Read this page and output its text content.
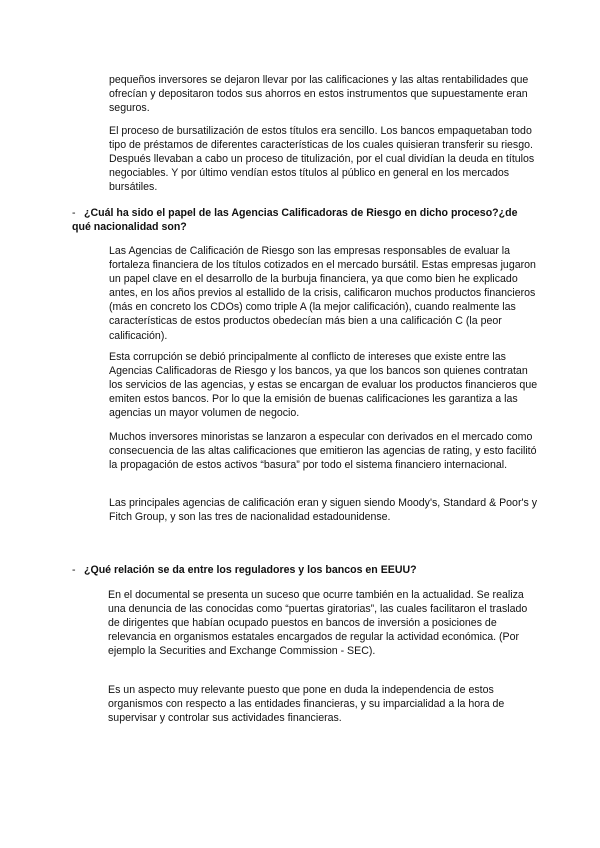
pequeños inversores se dejaron llevar por las calificaciones y las altas rentabilidades que ofrecían y depositaron todos sus ahorros en estos instrumentos que supuestamente eran seguros.

El proceso de bursatilización de estos títulos era sencillo. Los bancos empaquetaban todo tipo de préstamos de diferentes características de los cuales quisieran transferir su riesgo. Después llevaban a cabo un proceso de titulización, por el cual dividían la deuda en títulos negociables. Y por último vendían estos títulos al público en general en los mercados bursátiles.

- ¿Cuál ha sido el papel de las Agencias Calificadoras de Riesgo en dicho proceso?¿de qué nacionalidad son?

Las Agencias de Calificación de Riesgo son las empresas responsables de evaluar la fortaleza financiera de los títulos cotizados en el mercado bursátil. Estas empresas jugaron un papel clave en el desarrollo de la burbuja financiera, ya que como bien he explicado antes, en los años previos al estallido de la crisis, calificaron muchos productos financieros (más en concreto los CDOs) como triple A (la mejor calificación), cuando realmente las características de estos productos obedecían más bien a una calificación C (la peor calificación).

Esta corrupción se debió principalmente al conflicto de intereses que existe entre las Agencias Calificadoras de Riesgo y los bancos, ya que los bancos son quienes contratan los servicios de las agencias, y estas se encargan de evaluar los productos financieros que emiten estos bancos. Por lo que la emisión de buenas calificaciones les garantiza a las agencias un mayor volumen de negocio.

Muchos inversores minoristas se lanzaron a especular con derivados en el mercado como consecuencia de las altas calificaciones que emitieron las agencias de rating, y esto facilitó la propagación de estos activos “basura” por todo el sistema financiero internacional.

Las principales agencias de calificación eran y siguen siendo Moody's, Standard & Poor's y Fitch Group, y son las tres de nacionalidad estadounidense.

- ¿Qué relación se da entre los reguladores y los bancos en EEUU?

En el documental se presenta un suceso que ocurre también en la actualidad. Se realiza una denuncia de las conocidas como “puertas giratorias”, las cuales facilitaron el traslado de dirigentes que habían ocupado puestos en bancos de inversión a posiciones de relevancia en organismos estatales encargados de regular la actividad económica. (Por ejemplo la Securities and Exchange Commission - SEC).

Es un aspecto muy relevante puesto que pone en duda la independencia de estos organismos con respecto a las entidades financieras, y su imparcialidad a la hora de supervisar y controlar sus actividades financieras.
